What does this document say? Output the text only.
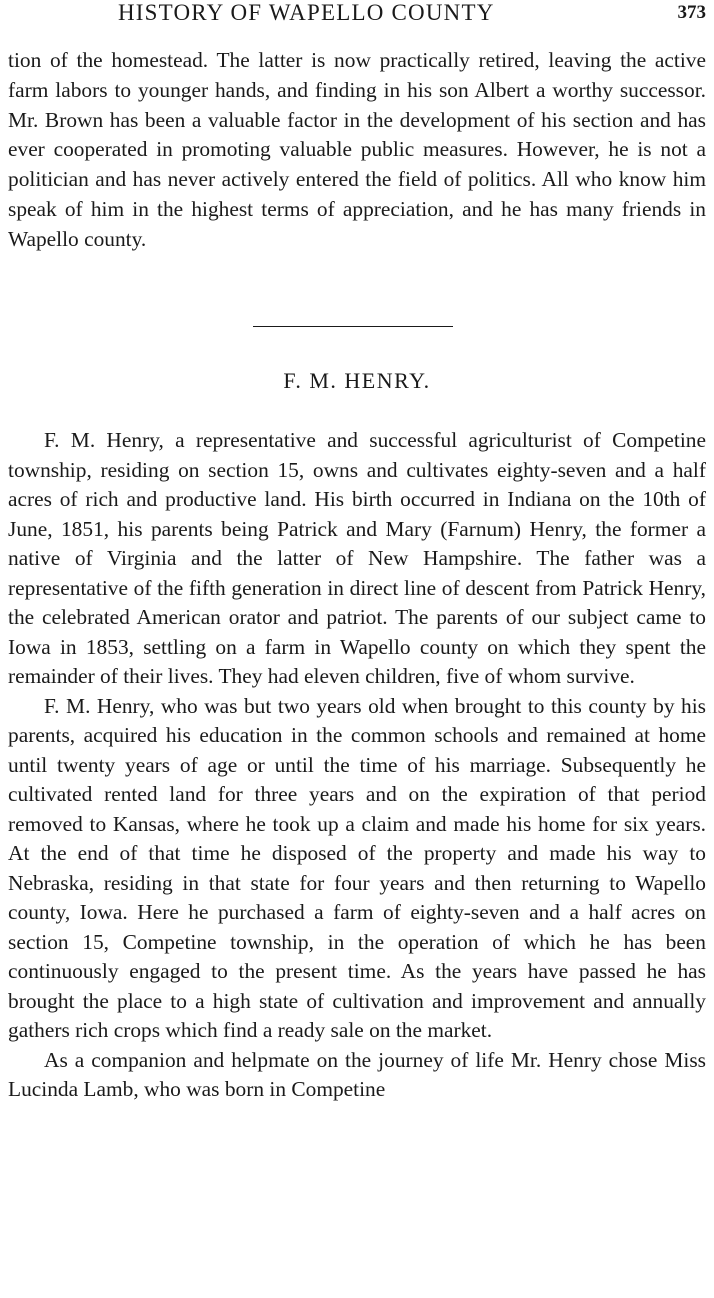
HISTORY OF WAPELLO COUNTY	373

tion of the homestead. The latter is now practically retired, leaving the active farm labors to younger hands, and finding in his son Albert a worthy successor. Mr. Brown has been a valuable factor in the development of his section and has ever cooperated in promoting valuable public measures. However, he is not a politician and has never actively entered the field of politics. All who know him speak of him in the highest terms of appreciation, and he has many friends in Wapello county.

F. M. HENRY.

F. M. Henry, a representative and successful agriculturist of Competine township, residing on section 15, owns and cultivates eighty-seven and a half acres of rich and productive land. His birth occurred in Indiana on the 10th of June, 1851, his parents being Patrick and Mary (Farnum) Henry, the former a native of Virginia and the latter of New Hampshire. The father was a representative of the fifth generation in direct line of descent from Patrick Henry, the celebrated American orator and patriot. The parents of our subject came to Iowa in 1853, settling on a farm in Wapello county on which they spent the remainder of their lives. They had eleven children, five of whom survive.

F. M. Henry, who was but two years old when brought to this county by his parents, acquired his education in the common schools and remained at home until twenty years of age or until the time of his marriage. Subsequently he cultivated rented land for three years and on the expiration of that period removed to Kansas, where he took up a claim and made his home for six years. At the end of that time he disposed of the property and made his way to Nebraska, residing in that state for four years and then returning to Wapello county, Iowa. Here he purchased a farm of eighty-seven and a half acres on section 15, Competine township, in the operation of which he has been continuously engaged to the present time. As the years have passed he has brought the place to a high state of cultivation and improvement and annually gathers rich crops which find a ready sale on the market.

As a companion and helpmate on the journey of life Mr. Henry chose Miss Lucinda Lamb, who was born in Competine
